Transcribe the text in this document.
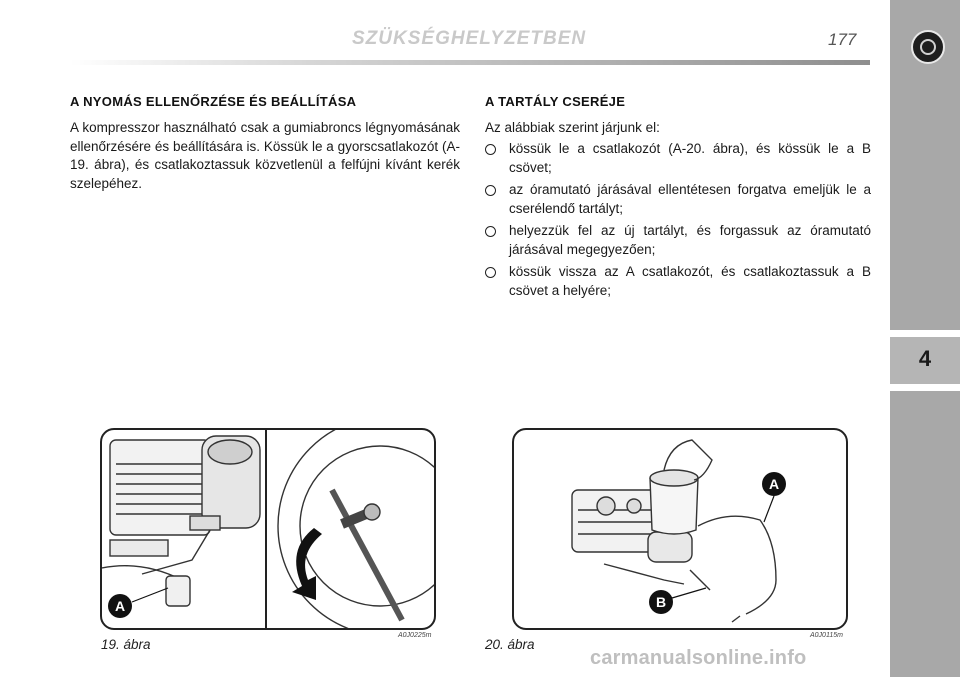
SZÜKSÉGHELYZETBEN	177
4
A NYOMÁS ELLENŐRZÉSE ÉS BEÁLLÍTÁSA
A kompresszor használható csak a gumiabroncs légnyomásának ellenőrzésére és beállítására is. Kössük le a gyorscsatlakozót (A-19. ábra), és csatlakoztassuk közvetlenül a felfújni kívánt kerék szelepéhez.
A TARTÁLY CSERÉJE
Az alábbiak szerint járjunk el:
kössük le a csatlakozót (A-20. ábra), és kössük le a B csövet;
az óramutató járásával ellentétesen forgatva emeljük le a cserélendő tartályt;
helyezzük fel az új tartályt, és forgassuk az óramutató járásával megegyezően;
kössük vissza az A csatlakozót, és csatlakoztassuk a B csövet a helyére;
A
19. ábra
A0J0225m
A
B
20. ábra
A0J0115m
carmanualsonline.info
